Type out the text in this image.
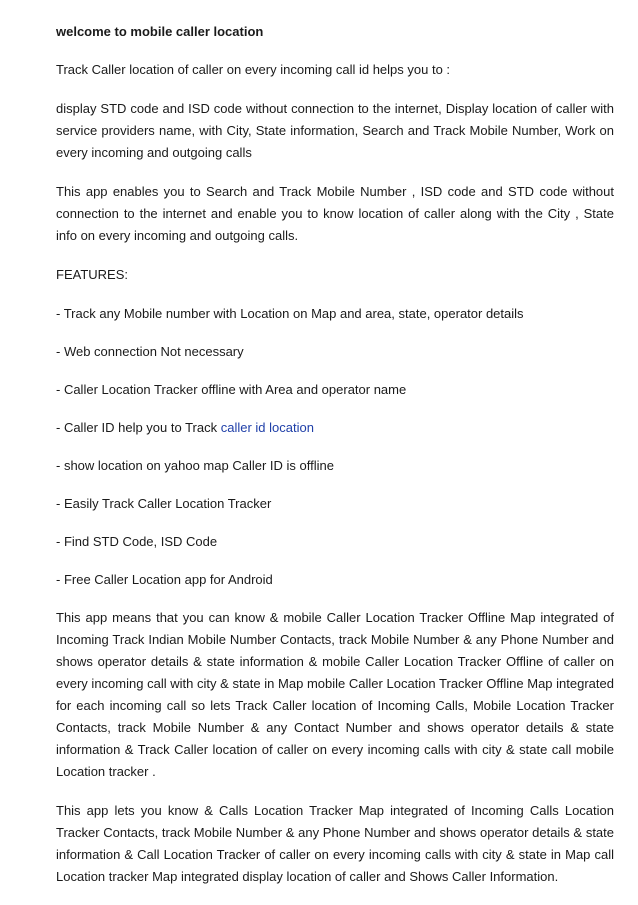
welcome to mobile caller location

Track Caller location of caller on every incoming call id helps you to :

display STD code and ISD code without connection to the internet, Display location of caller with service providers name, with City, State information, Search and Track Mobile Number, Work on every incoming and outgoing calls

This app enables you to Search and Track Mobile Number , ISD code and STD code without connection to the internet and enable you to know location of caller along with the City , State info on every incoming and outgoing calls.

FEATURES:

- Track any Mobile number with Location on Map and area, state, operator details

- Web connection Not necessary

- Caller Location Tracker offline with Area and operator name

- Caller ID help you to Track caller id location

- show location on yahoo map Caller ID is offline

- Easily Track Caller Location Tracker

- Find STD Code, ISD Code

- Free Caller Location app for Android

This app means that you can know & mobile Caller Location Tracker Offline Map integrated of Incoming Track Indian Mobile Number Contacts, track Mobile Number & any Phone Number and shows operator details & state information & mobile Caller Location Tracker Offline of caller on every incoming call with city & state in Map mobile Caller Location Tracker Offline Map integrated for each incoming call so lets Track Caller location of Incoming Calls, Mobile Location Tracker Contacts, track Mobile Number & any Contact Number and shows operator details & state information & Track Caller location of caller on every incoming calls with city & state call mobile Location tracker .

This app lets you know & Calls Location Tracker Map integrated of Incoming Calls Location Tracker Contacts, track Mobile Number & any Phone Number and shows operator details & state information & Call Location Tracker of caller on every incoming calls with city & state in Map call Location tracker Map integrated display location of caller and Shows Caller Information.
